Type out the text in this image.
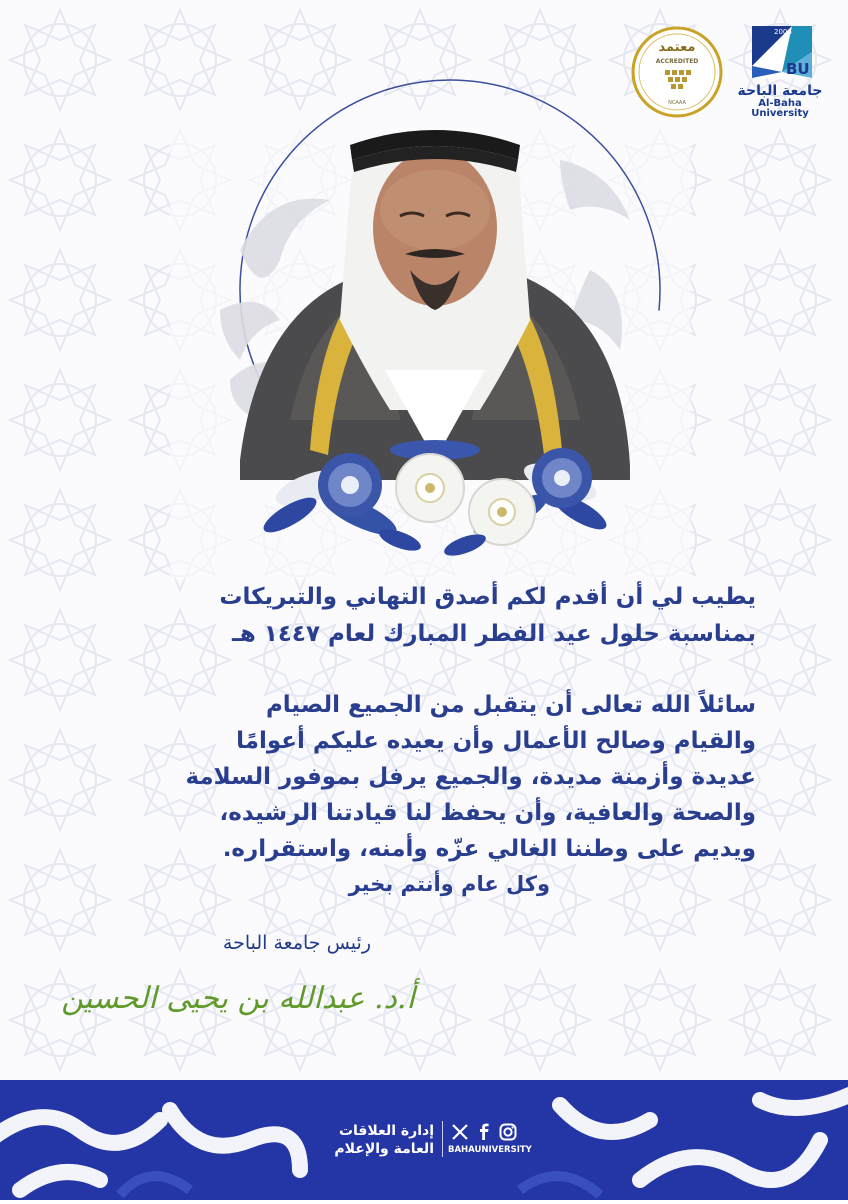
NCAAA
معتمد
ACCREDITED
2006
BU
جامعة الباحة
Al-Baha University
يطيب لي أن أقدم لكم أصدق التهاني والتبريكات
بمناسبة حلول عيد الفطر المبارك لعام ١٤٤٧ هـ
سائلاً الله تعالى أن يتقبل من الجميع الصيام
والقيام وصالح الأعمال وأن يعيده عليكم أعوامًا
عديدة وأزمنة مديدة، والجميع يرفل بموفور السلامة
والصحة والعافية، وأن يحفظ لنا قيادتنا الرشيده،
ويديم على وطننا الغالي عزّه وأمنه، واستقراره.
وكل عام وأنتم بخير
رئيس جامعة الباحة
أ.د. عبدالله بن يحيى الحسين
إدارة العلاقات
العامة والإعلام BAHAUNIVERSITY
